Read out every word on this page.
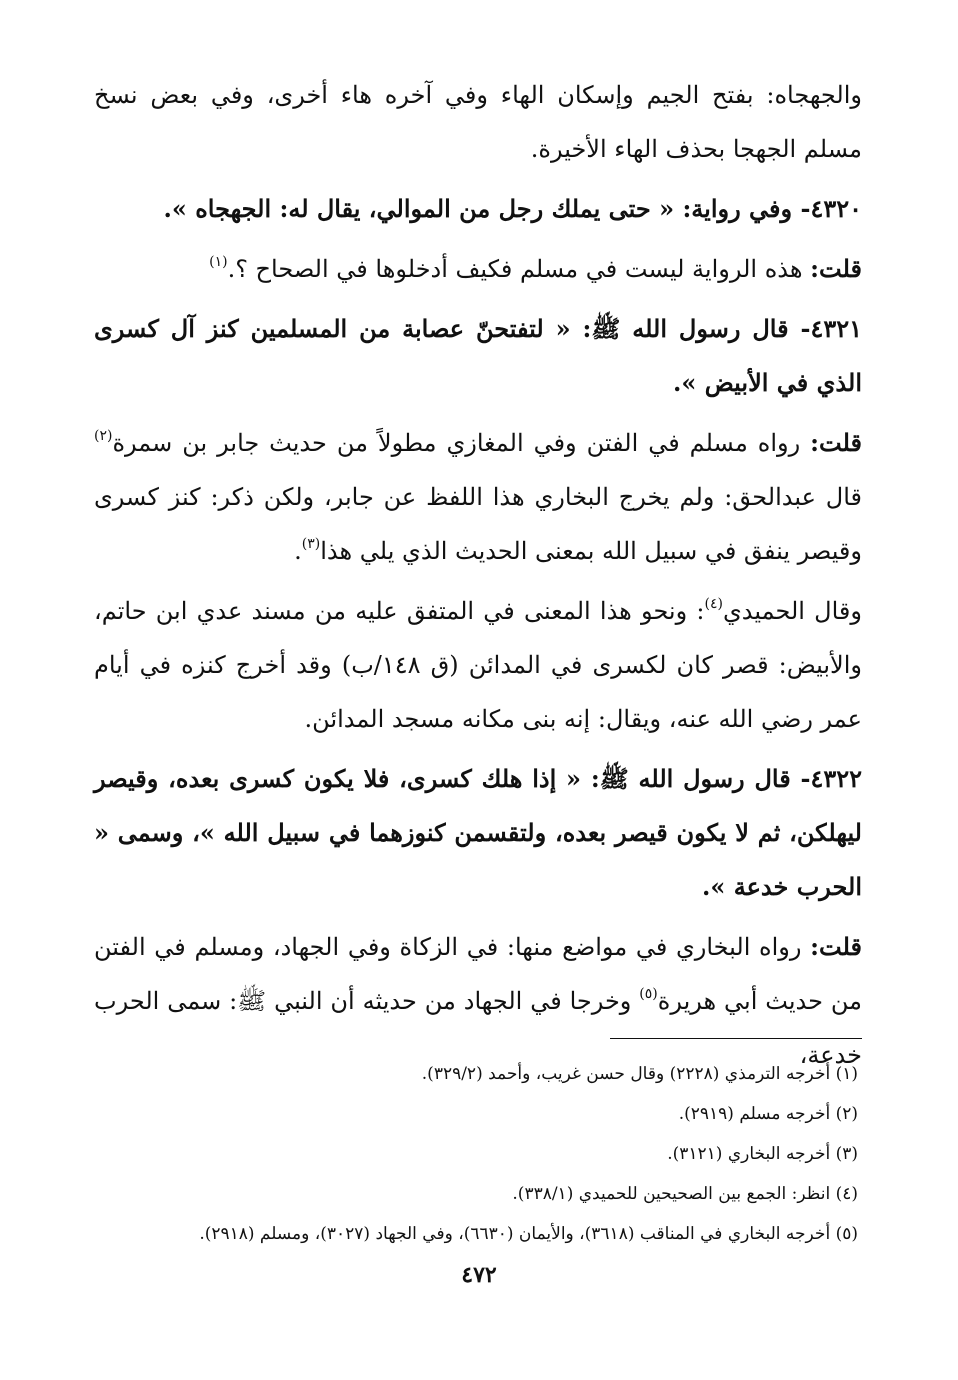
والجهجاه: بفتح الجيم وإسكان الهاء وفي آخره هاء أخرى، وفي بعض نسخ مسلم الجهجا بحذف الهاء الأخيرة.

٤٣٢٠- وفي رواية: « حتى يملك رجل من الموالي، يقال له: الجهجاه ».

قلت: هذه الرواية ليست في مسلم فكيف أدخلوها في الصحاح ؟.$^{(١)}$

٤٣٢١- قال رسول الله ﷺ: « لتفتحنّ عصابة من المسلمين كنز آل كسرى الذي في الأبيض ».

قلت: رواه مسلم في الفتن وفي المغازي مطولاً من حديث جابر بن سمرة$^{(٢)}$ قال عبدالحق: ولم يخرج البخاري هذا اللفظ عن جابر، ولكن ذكر: كنز كسرى وقيصر ينفق في سبيل الله بمعنى الحديث الذي يلي هذا$^{(٣)}$.

وقال الحميدي$^{(٤)}$: ونحو هذا المعنى في المتفق عليه من مسند عدي ابن حاتم، والأبيض: قصر كان لكسرى في المدائن (ق ١٤٨/ب) وقد أخرج كنزه في أيام عمر رضي الله عنه، ويقال: إنه بنى مكانه مسجد المدائن.

٤٣٢٢- قال رسول الله ﷺ: « إذا هلك كسرى، فلا يكون كسرى بعده، وقيصر ليهلكن، ثم لا يكون قيصر بعده، ولتقسمن كنوزهما في سبيل الله »، وسمى « الحرب خدعة ».

قلت: رواه البخاري في مواضع منها: في الزكاة وفي الجهاد، ومسلم في الفتن من حديث أبي هريرة$^{(٥)}$ وخرجا في الجهاد من حديثه أن النبي ﷺ: سمى الحرب خدعة،

(١) أخرجه الترمذي (٢٢٢٨) وقال حسن غريب، وأحمد (٣٢٩/٢).

(٢) أخرجه مسلم (٢٩١٩).

(٣) أخرجه البخاري (٣١٢١).

(٤) انظر: الجمع بين الصحيحين للحميدي (٣٣٨/١).

(٥) أخرجه البخاري في المناقب (٣٦١٨)، والأيمان (٦٦٣٠)، وفي الجهاد (٣٠٢٧)، ومسلم (٢٩١٨).

٤٧٢
